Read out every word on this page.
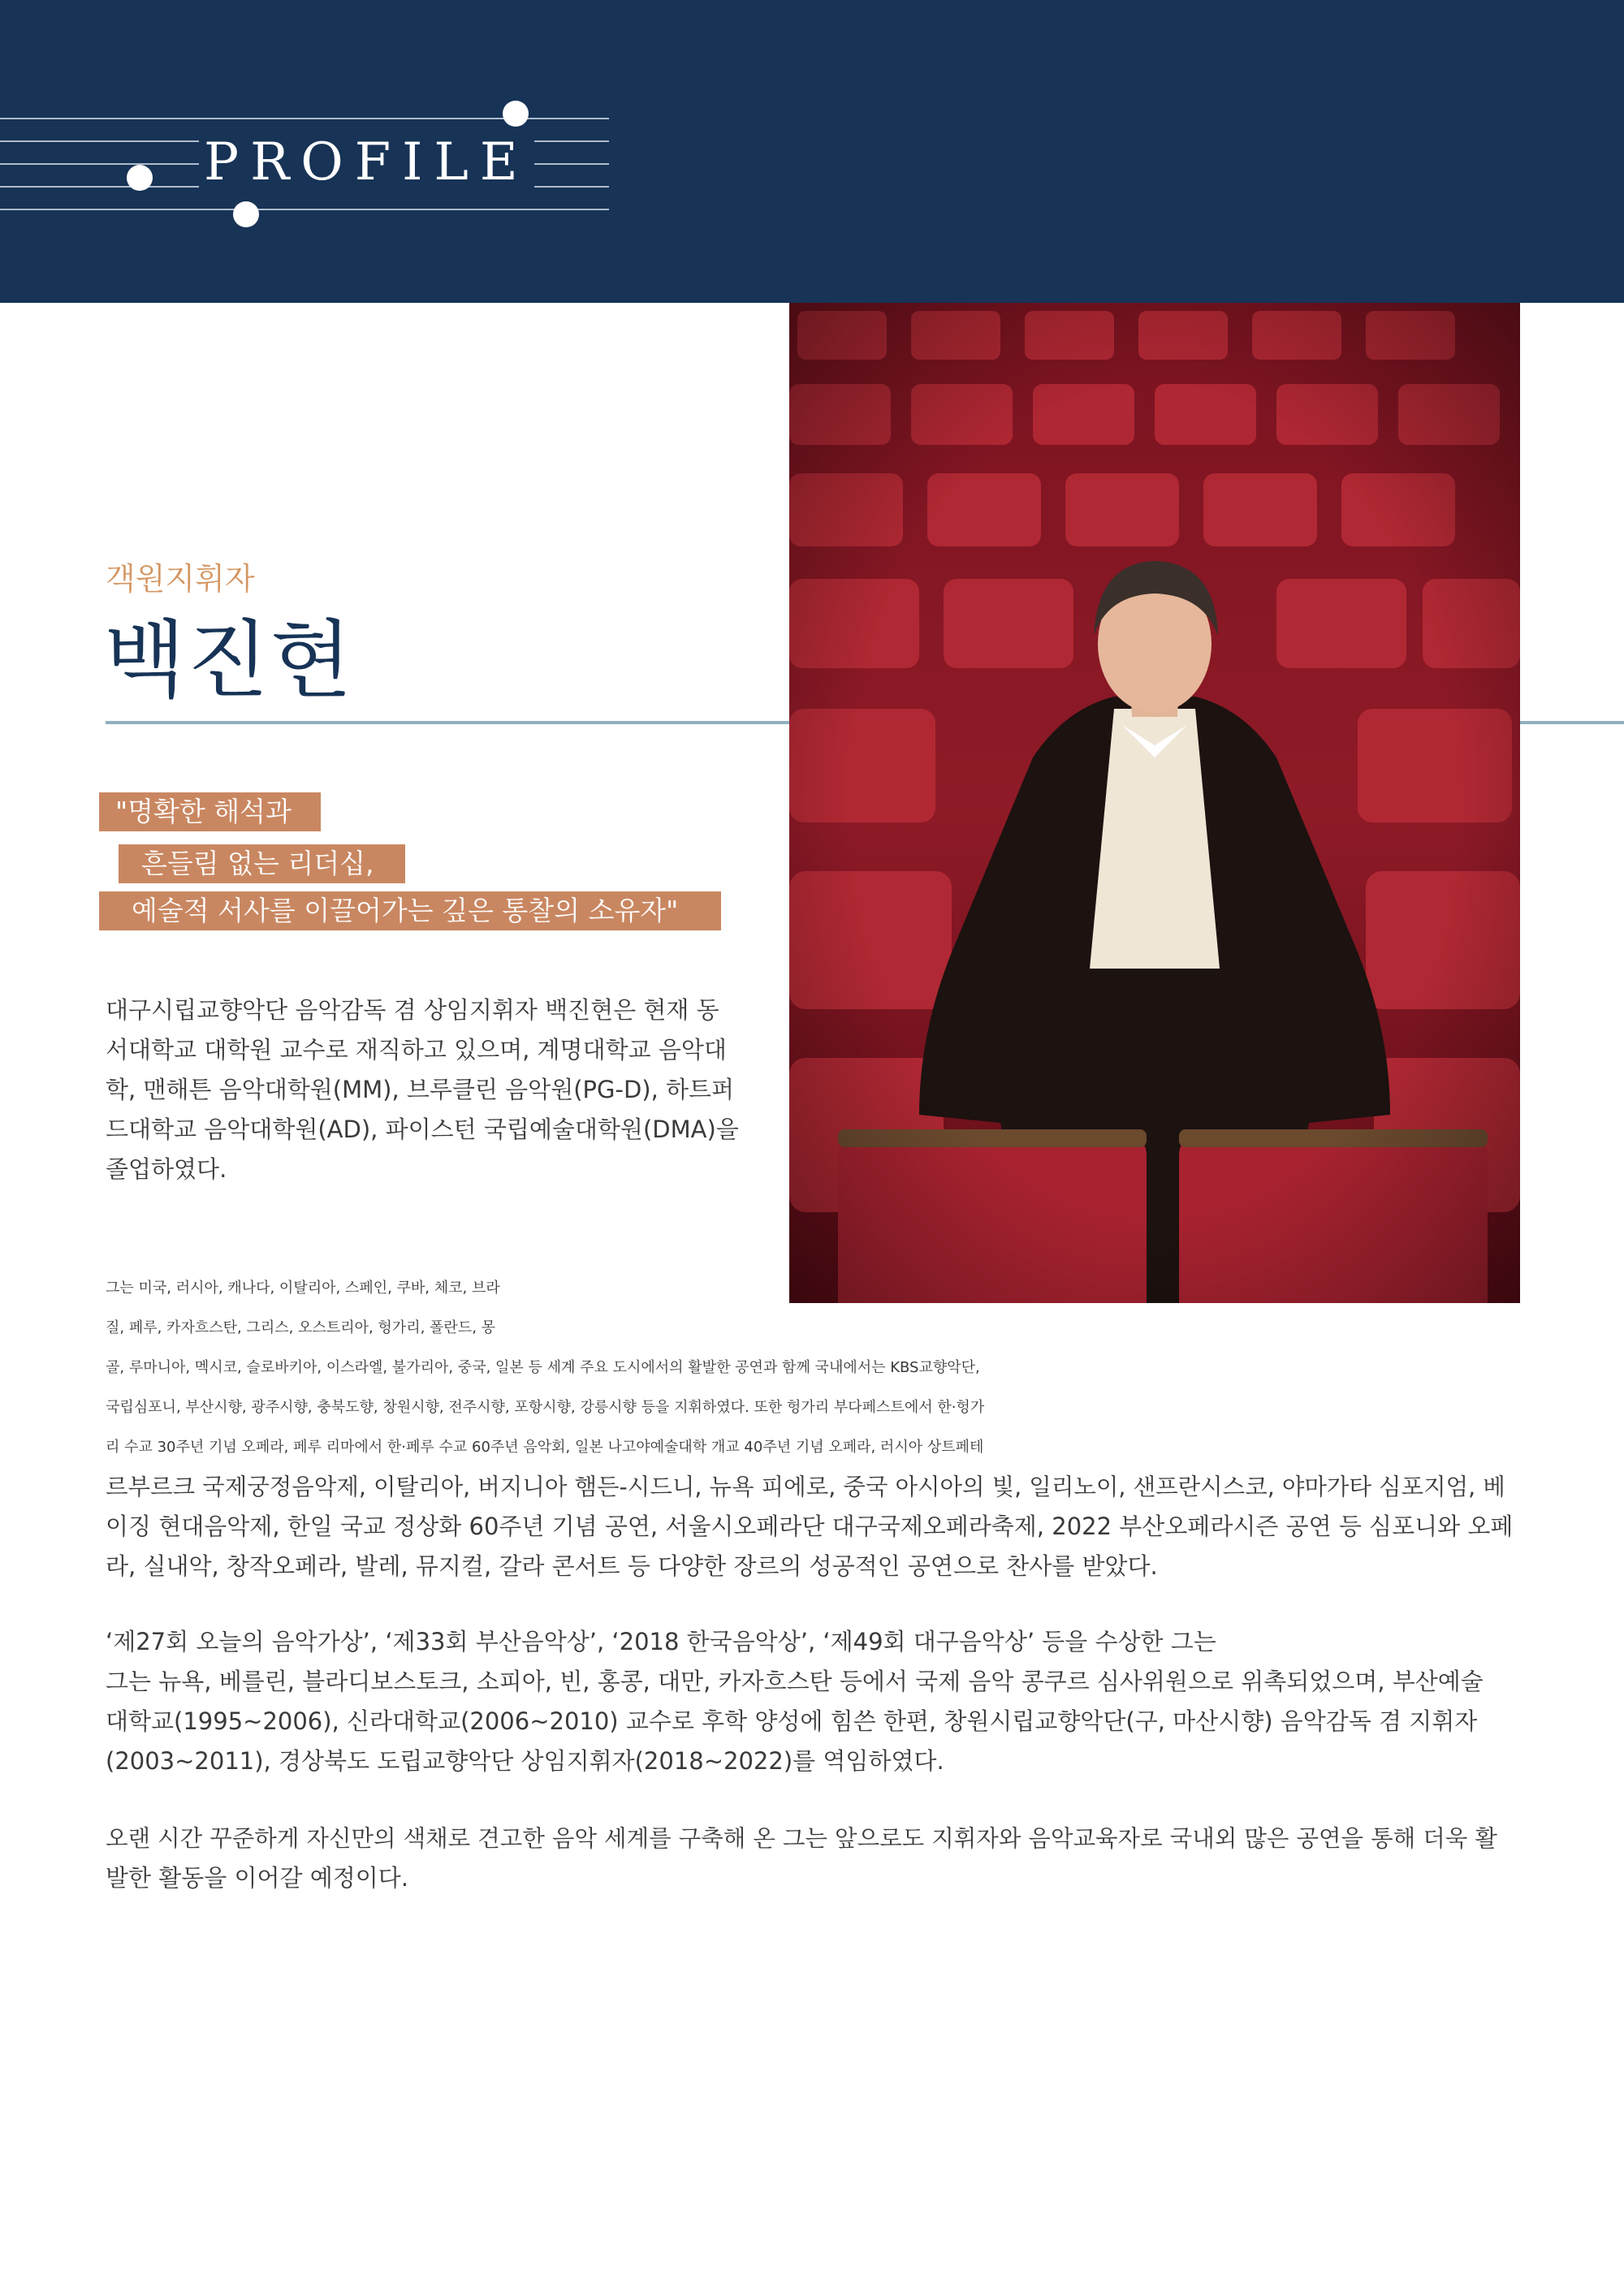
PROFILE
객원지휘자
백진현
"명확한 해석과
흔들림 없는 리더십,
예술적 서사를 이끌어가는 깊은 통찰의 소유자"
대구시립교향악단 음악감독 겸 상임지휘자 백진현은 현재 동
서대학교 대학원 교수로 재직하고 있으며, 계명대학교 음악대
학, 맨해튼 음악대학원(MM), 브루클린 음악원(PG-D), 하트퍼
드대학교 음악대학원(AD), 파이스턴 국립예술대학원(DMA)을
졸업하였다.
그는 미국, 러시아, 캐나다, 이탈리아, 스페인, 쿠바, 체코, 브라
질, 페루, 카자흐스탄, 그리스, 오스트리아, 헝가리, 폴란드, 몽
골, 루마니아, 멕시코, 슬로바키아, 이스라엘, 불가리아, 중국, 일본 등 세계 주요 도시에서의 활발한 공연과 함께 국내에서는 KBS교향악단,
국립심포니, 부산시향, 광주시향, 충북도향, 창원시향, 전주시향, 포항시향, 강릉시향 등을 지휘하였다. 또한 헝가리 부다페스트에서 한·헝가
리 수교 30주년 기념 오페라, 페루 리마에서 한·페루 수교 60주년 음악회, 일본 나고야예술대학 개교 40주년 기념 오페라, 러시아 상트페테
르부르크 국제궁정음악제, 이탈리아, 버지니아 햄든-시드니, 뉴욕 피에로, 중국 아시아의 빛, 일리노이, 샌프란시스코, 야마가타 심포지엄, 베
이징 현대음악제, 한일 국교 정상화 60주년 기념 공연, 서울시오페라단 대구국제오페라축제, 2022 부산오페라시즌 공연 등 심포니와 오페
라, 실내악, 창작오페라, 발레, 뮤지컬, 갈라 콘서트 등 다양한 장르의 성공적인 공연으로 찬사를 받았다.
‘제27회 오늘의 음악가상’, ‘제33회 부산음악상’, ‘2018 한국음악상’, ‘제49회 대구음악상’ 등을 수상한 그는
그는 뉴욕, 베를린, 블라디보스토크, 소피아, 빈, 홍콩, 대만, 카자흐스탄 등에서 국제 음악 콩쿠르 심사위원으로 위촉되었으며, 부산예술
대학교(1995~2006), 신라대학교(2006~2010) 교수로 후학 양성에 힘쓴 한편, 창원시립교향악단(구, 마산시향) 음악감독 겸 지휘자
(2003~2011), 경상북도 도립교향악단 상임지휘자(2018~2022)를 역임하였다.
오랜 시간 꾸준하게 자신만의 색채로 견고한 음악 세계를 구축해 온 그는 앞으로도 지휘자와 음악교육자로 국내외 많은 공연을 통해 더욱 활
발한 활동을 이어갈 예정이다.
